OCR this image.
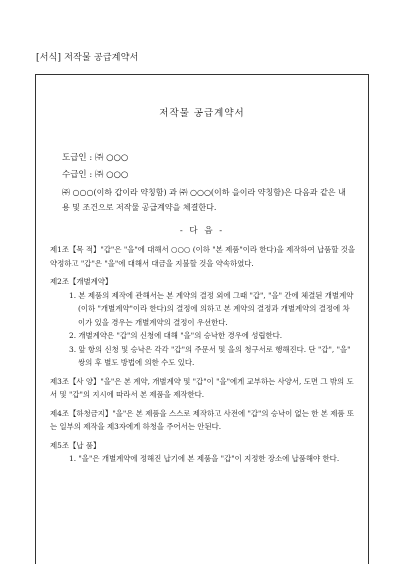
[서식] 저작물 공급계약서
저작물 공급계약서
도급인 : ㈜ ○○○
수급인 : ㈜ ○○○
㈜ ○○○(이하 갑이라 약칭함) 과 ㈜ ○○○(이하 을이라 약칭함)은 다음과 같은 내용 및 조건으로 저작물 공급계약을 체결한다.
- 다 음 -
제1조【목 적】"갑"은 "을"에 대해서 ○○○ (이하 "본 제품"이라 한다)을 제작하여 납품할 것을 약정하고 "갑"은 "을"에 대해서 대금을 지불할 것을 약속하였다.
제2조【개별계약】
1. 본 제품의 제작에 관해서는 본 계약의 결정 외에 그때 "갑", "을" 간에 체결된 개별계약(이하 "개별계약"이라 한다)의 결정에 의하고 본 계약의 결정과 개별계약의 결정에 차이가 있을 경우는 개별계약의 결정이 우선한다.
2. 개별계약은 "갑"의 신청에 대해 "을"의 승낙한 경우에 성립한다.
3. 앞 항의 신청 및 승낙은 각각 "갑"의 주문서 및 을의 청구서로 행해진다. 단 "갑", "을" 쌍의 후 별도 방법에 의한 수도 있다.
제3조【사 양】"을"은 본 계약, 개별계약 및 "갑"이 "을"에게 교부하는 사양서, 도면 그 밖의 도서 및 "갑"의 지시에 따라서 본 제품을 제작한다.
제4조【하청금지】"을"은 본 제품을 스스로 제작하고 사전에 "갑"의 승낙이 없는 한 본 제품 또는 일부의 제작을 제3자에게 하청을 주어서는 안된다.
제5조【납 품】
1. "을"은 개별계약에 정해진 납기에 본 제품을 "갑"이 지정한 장소에 납품해야 한다.
